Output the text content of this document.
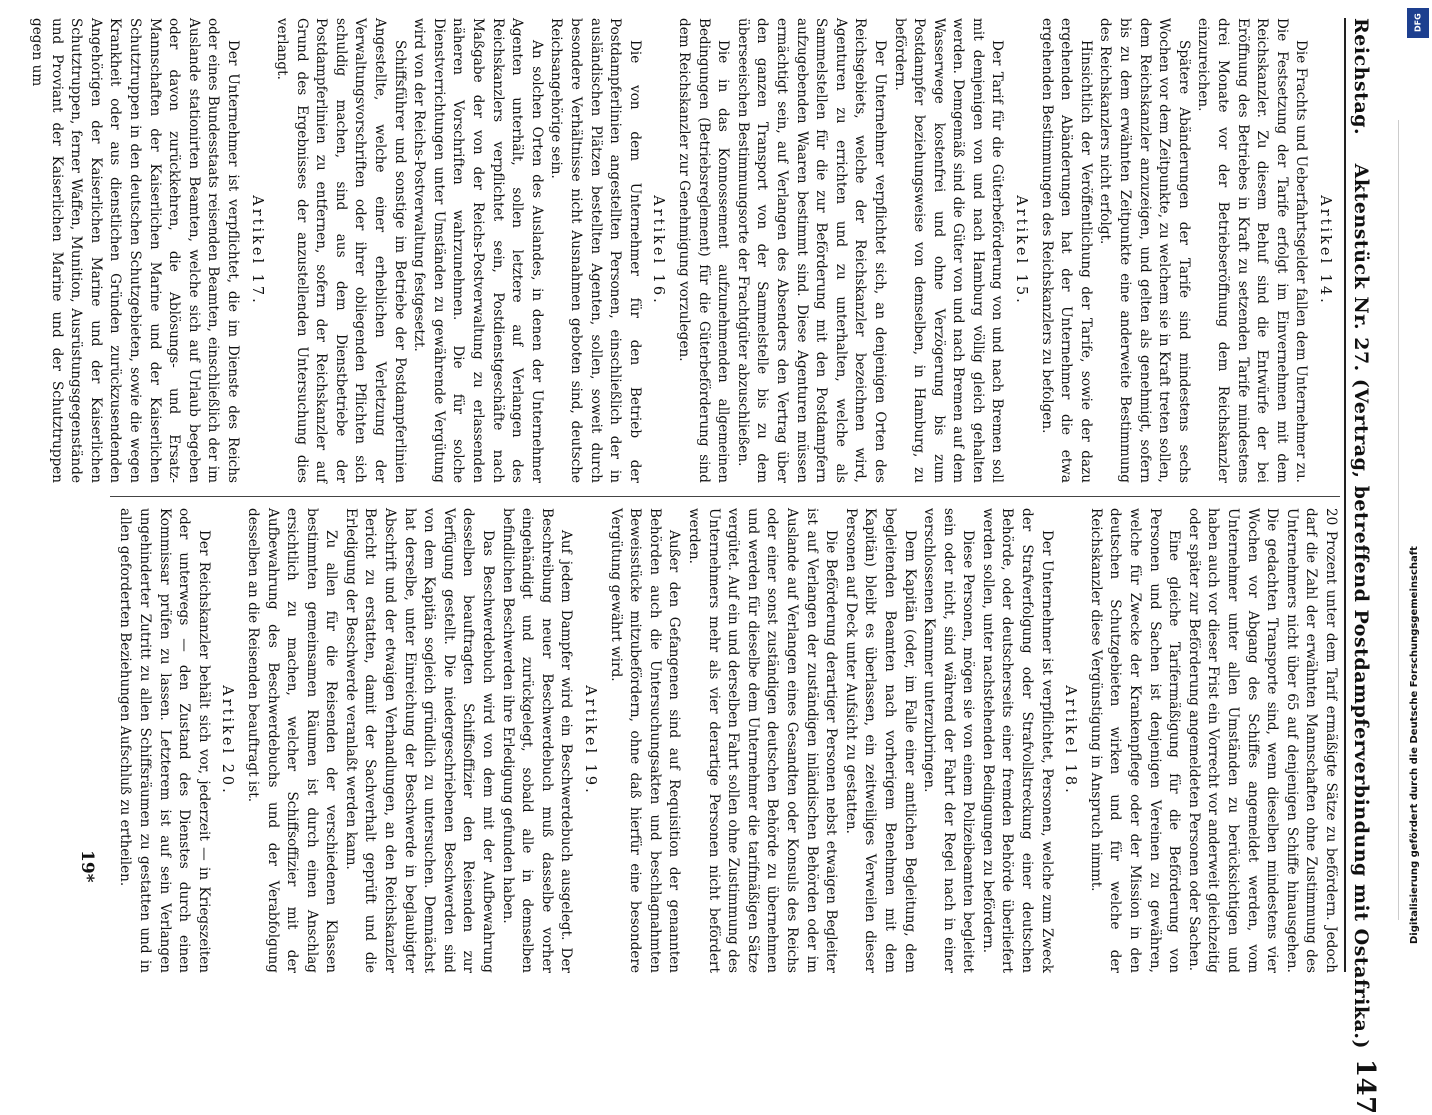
Reichstag.    Aktenstück Nr. 27. (Vertrag, betreffend Postdampferverbindung mit Ostafrika.)
147
Artikel 14.

Die Frachts und Ueberfahrtsgelder fallen dem Unternehmer zu. Die Festsetzung der Tarife erfolgt im Einvernehmen mit dem Reichskanzler. Zu diesem Behuf sind die Entwürfe der bei Eröffnung des Betriebes in Kraft zu setzenden Tarife mindestens drei Monate vor der Betriebseröffnung dem Reichskanzler einzureichen.

Spätere Abänderungen der Tarife sind mindestens sechs Wochen vor dem Zeitpunkte, zu welchem sie in Kraft treten sollen, dem Reichskanzler anzuzeigen, und gelten als genehmigt, sofern bis zu dem erwähnten Zeitpunkte eine anderweite Bestimmung des Reichskanzlers nicht erfolgt.

Hinsichtlich der Veröffentlichung der Tarife, sowie der dazu ergehenden Abänderungen hat der Unternehmer die etwa ergehenden Bestimmungen des Reichskanzlers zu befolgen.

Artikel 15.

Der Tarif für die Güterbeförderung von und nach Bremen soll mit demjenigen von und nach Hamburg völlig gleich gehalten werden. Demgemäß sind die Güter von und nach Bremen auf dem Wasserwege kostenfrei und ohne Verzögerung bis zum Postdampfer beziehungsweise von demselben, in Hamburg, zu befördern.

Der Unternehmer verpflichtet sich, an denjenigen Orten des Reichsgebiets, welche der Reichskanzler bezeichnen wird, Agenturen zu errichten und zu unterhalten, welche als Sammelstellen für die zur Beförderung mit den Postdampfern aufzugebenden Waaren bestimmt sind. Diese Agenturen müssen ermächtigt sein, auf Verlangen des Absenders den Vertrag über den ganzen Transport von der Sammelstelle bis zu dem überseeischen Bestimmungsorte der Frachtgüter abzuschließen.

Die in das Konnossement aufzunehmenden allgemeinen Bedingungen (Betriebsreglement) für die Güterbeförderung sind dem Reichskanzler zur Genehmigung vorzulegen.

Artikel 16.

Die von dem Unternehmer für den Betrieb der Postdampferlinien angestellten Personen, einschließlich der in ausländischen Plätzen bestellten Agenten, sollen, soweit durch besondere Verhältnisse nicht Ausnahmen geboten sind, deutsche Reichsangehörige sein.

An solchen Orten des Auslandes, in denen der Unternehmer Agenten unterhält, sollen letztere auf Verlangen des Reichskanzlers verpflichtet sein, Postdienstgeschäfte nach Maßgabe der von der Reichs-Postverwaltung zu erlassenden näheren Vorschriften wahrzunehmen. Die für solche Dienstverrichtungen unter Umständen zu gewährende Vergütung wird von der Reichs-Postverwaltung festgesetzt.

Schiffsführer und sonstige im Betriebe der Postdampferlinien Angestellte, welche einer erheblichen Verletzung der Verwaltungsvorschriften oder ihrer obliegenden Pflichten sich schuldig machen, sind aus dem Dienstbetriebe der Postdampferlinien zu entfernen, sofern der Reichskanzler auf Grund des Ergebnisses der anzustellenden Untersuchung dies verlangt.

Artikel 17.

Der Unternehmer ist verpflichtet, die im Dienste des Reichs oder eines Bundesstaats reisenden Beamten, einschließlich der im Auslande stationirten Beamten, welche sich auf Urlaub begeben oder davon zurückkehren, die Ablösungs- und Ersatz-Mannschaften der Kaiserlichen Marine und der Kaiserlichen Schutztruppen in den deutschen Schutzgebieten, sowie die wegen Krankheit oder aus dienstlichen Gründen zurückzusendenden Angehörigen der Kaiserlichen Marine und der Kaiserlichen Schutztruppen, ferner Waffen, Munition, Ausrüstungsgegenstände und Proviant der Kaiserlichen Marine und der Schutztruppen gegen um

20 Prozent unter dem Tarif ermäßigte Sätze zu befördern. Jedoch darf die Zahl der erwähnten Mannschaften ohne Zustimmung des Unternehmers nicht über 65 auf denjenigen Schiffe hinausgehen. Die gedachten Transporte sind, wenn dieselben mindestens vier Wochen vor Abgang des Schiffes angemeldet werden, vom Unternehmer unter allen Umständen zu berücksichtigen und haben auch vor dieser Frist ein Vorrecht vor anderweit gleichzeitig oder später zur Beförderung angemeldeten Personen oder Sachen.

Eine gleiche Tarifermäßigung für die Beförderung von Personen und Sachen ist denjenigen Vereinen zu gewähren, welche für Zwecke der Krankenpflege oder der Mission in den deutschen Schutzgebieten wirken und für welche der Reichskanzler diese Vergünstigung in Anspruch nimmt.

Artikel 18.

Der Unternehmer ist verpflichtet, Personen, welche zum Zweck der Strafverfolgung oder Strafvollstreckung einer deutschen Behörde, oder deutscherseits einer fremden Behörde überliefert werden sollen, unter nachstehenden Bedingungen zu befördern.

Diese Personen, mögen sie von einem Polizeibeamten begleitet sein oder nicht, sind während der Fahrt der Regel nach in einer verschlossenen Kammer unterzubringen.

Dem Kapitän (oder, im Falle einer amtlichen Begleitung, dem begleitenden Beamten nach vorherigem Benehmen mit dem Kapitän) bleibt es überlassen, ein zeitweiliges Verweilen dieser Personen auf Deck unter Aufsicht zu gestatten.

Die Beförderung derartiger Personen nebst etwaigen Begleiter ist auf Verlangen der zuständigen inländischen Behörden oder im Auslande auf Verlangen eines Gesandten oder Konsuls des Reichs oder einer sonst zuständigen deutschen Behörde zu übernehmen und werden für dieselbe dem Unternehmer die tarifmäßigen Sätze vergütet. Auf ein und derselben Fahrt sollen ohne Zustimmung des Unternehmers mehr als vier derartige Personen nicht befördert werden.

Außer den Gefangenen sind auf Requisition der genannten Behörden auch die Untersuchungsakten und beschlagnahmten Beweisstücke mitzubefördern, ohne daß hierfür eine besondere Vergütung gewährt wird.

Artikel 19.

Auf jedem Dampfer wird ein Beschwerdebuch ausgelegt. Der Beschreibung neuer Beschwerdebuch muß dasselbe vorher eingehändigt und zurückgelegt, sobald alle in demselben befindlichen Beschwerden ihre Erledigung gefunden haben.

Das Beschwerdebuch wird von dem mit der Aufbewahrung desselben beauftragten Schiffsoffizier den Reisenden zur Verfügung gestellt. Die niedergeschriebenen Beschwerden sind von dem Kapitän sogleich gründlich zu untersuchen. Demnächst hat derselbe, unter Einreichung der Beschwerde in beglaubigter Abschrift und der etwaigen Verhandlungen, an den Reichskanzler Bericht zu erstatten, damit der Sachverhalt geprüft und die Erledigung der Beschwerde veranlaßt werden kann.

Zu allen für die Reisenden der verschiedenen Klassen bestimmten gemeinsamen Räumen ist durch einen Anschlag ersichtlich zu machen, welcher Schiffsoffizier mit der Aufbewahrung des Beschwerdebuchs und der Verabfolgung desselben an die Reisenden beauftragt ist.

Artikel 20.

Der Reichskanzler behält sich vor, jederzeit — in Kriegszeiten oder unterwegs — den Zustand des Dienstes durch einen Kommissar prüfen zu lassen. Letzterem ist auf sein Verlangen ungehinderter Zutritt zu allen Schiffsräumen zu gestatten und in allen geforderten Beziehungen Aufschluß zu ertheilen.

19*
DFG
Digitalisierung gefördert durch die Deutsche Forschungsgemeinschaft
